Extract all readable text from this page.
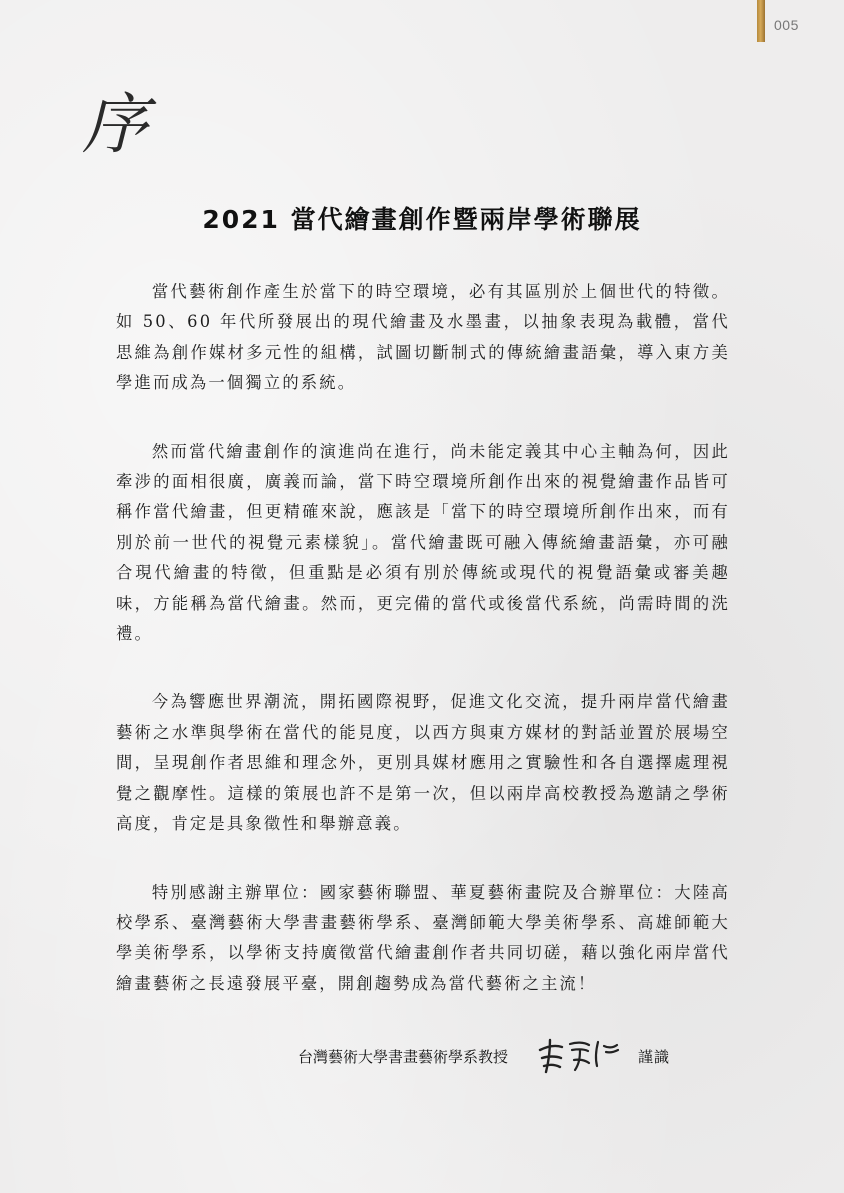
005
序
2021 當代繪畫創作暨兩岸學術聯展

當代藝術創作產生於當下的時空環境，必有其區別於上個世代的特徵。如 50、60 年代所發展出的現代繪畫及水墨畫，以抽象表現為載體，當代思維為創作媒材多元性的組構，試圖切斷制式的傳統繪畫語彙，導入東方美學進而成為一個獨立的系統。

然而當代繪畫創作的演進尚在進行，尚未能定義其中心主軸為何，因此牽涉的面相很廣，廣義而論，當下時空環境所創作出來的視覺繪畫作品皆可稱作當代繪畫，但更精確來說，應該是「當下的時空環境所創作出來，而有別於前一世代的視覺元素樣貌」。當代繪畫既可融入傳統繪畫語彙，亦可融合現代繪畫的特徵，但重點是必須有別於傳統或現代的視覺語彙或審美趣味，方能稱為當代繪畫。然而，更完備的當代或後當代系統，尚需時間的洗禮。

今為響應世界潮流，開拓國際視野，促進文化交流，提升兩岸當代繪畫藝術之水準與學術在當代的能見度，以西方與東方媒材的對話並置於展場空間，呈現創作者思維和理念外，更別具媒材應用之實驗性和各自選擇處理視覺之觀摩性。這樣的策展也許不是第一次，但以兩岸高校教授為邀請之學術高度，肯定是具象徵性和舉辦意義。

特別感謝主辦單位：國家藝術聯盟、華夏藝術畫院及合辦單位：大陸高校學系、臺灣藝術大學書畫藝術學系、臺灣師範大學美術學系、高雄師範大學美術學系，以學術支持廣徵當代繪畫創作者共同切磋，藉以強化兩岸當代繪畫藝術之長遠發展平臺，開創趨勢成為當代藝術之主流！

台灣藝術大學書畫藝術學系教授	謹識
